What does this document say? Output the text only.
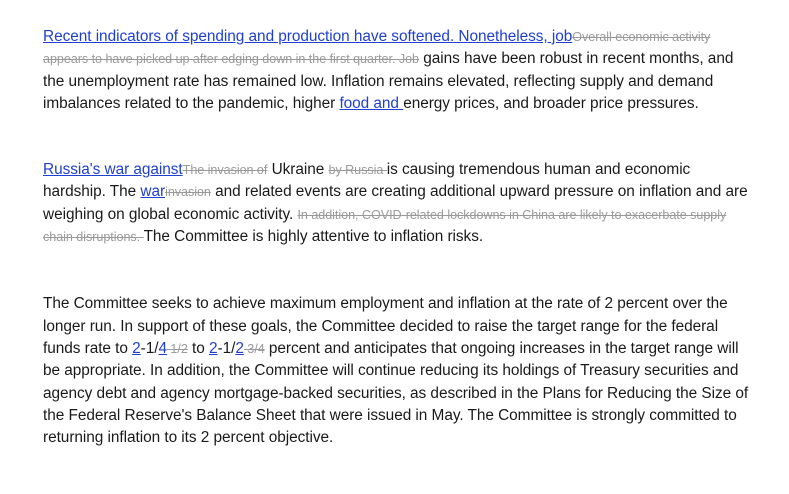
Recent indicators of spending and production have softened. Nonetheless, jobOverall economic activity appears to have picked up after edging down in the first quarter. Job gains have been robust in recent months, and the unemployment rate has remained low. Inflation remains elevated, reflecting supply and demand imbalances related to the pandemic, higher food and energy prices, and broader price pressures.

Russia's war againstThe invasion of Ukraine by Russia is causing tremendous human and economic hardship. The warinvasion and related events are creating additional upward pressure on inflation and are weighing on global economic activity. In addition, COVID-related lockdowns in China are likely to exacerbate supply chain disruptions. The Committee is highly attentive to inflation risks.

The Committee seeks to achieve maximum employment and inflation at the rate of 2 percent over the longer run. In support of these goals, the Committee decided to raise the target range for the federal funds rate to 2-1/4 1/2 to 2-1/2 3/4 percent and anticipates that ongoing increases in the target range will be appropriate. In addition, the Committee will continue reducing its holdings of Treasury securities and agency debt and agency mortgage-backed securities, as described in the Plans for Reducing the Size of the Federal Reserve's Balance Sheet that were issued in May. The Committee is strongly committed to returning inflation to its 2 percent objective.
